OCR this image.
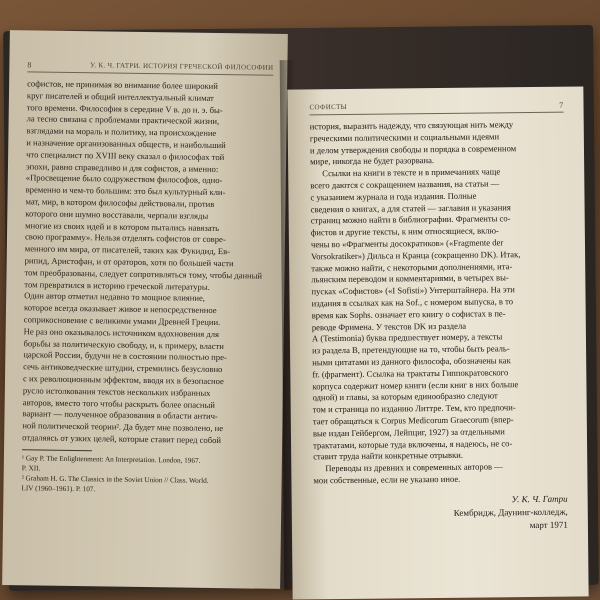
8	У. К. Ч. ГАТРИ. ИСТОРИЯ ГРЕЧЕСКОЙ ФИЛОСОФИИ
софистов, не принимая во внимание более широкий
круг писателей и общий интеллектуальный климат
того времени. Философия в середине V в. до н. э. бы-
ла тесно связана с проблемами практической жизни,
взглядами на мораль и политику, на происхождение
и назначение организованных обществ, и наибольший
что специалист по XVIII веку сказал о философах той
эпохи, равно справедливо и для софистов, а именно:
«Просвещение было содружеством философов, одно-
временно и чем-то большим: это был культурный кли-
мат, мир, в котором философы действовали, против
которого они шумно восставали, черпали взгляды
многие из своих идей и в котором пытались навязать
свою программу». Нельзя отделять софистов от совре-
менного им мира, от писателей, таких как Фукидид, Ев-
рипид, Аристофан, и от ораторов, хотя по большей части
том преобразованы, следует сопротивляться тому, чтобы данный
том превратился в историю греческой литературы.
Один автор отметил недавно то мощное влияние,
которое всегда оказывает живое и непосредственное
соприкосновение с великими умами Древней Греции.
Не раз оно оказывалось источником вдохновения для
борьбы за политическую свободу, и, к примеру, власти
царской России, будучи не в состоянии полностью пре-
сечь антиковедческие штудии, стремились безусловно
с их революционным эффектом, вводя их в безопасное
русло истолкования текстов нескольких избранных
авторов, вместо того чтобы раскрыть более опасный
вариант — полученное образования в области антич-
ной политической теории². Да будет мне позволено, не
отдаляясь от узких целей, которые ставит перед собой
¹ Gay P. The Enlightenment: An Interpretation. London, 1967.
P. XII.
² Graham H. G. The Classics in the Soviet Union // Class. World.
LIV (1960–1961). P. 107.
СОФИСТЫ	7
история, выразить надежду, что связующая нить между
греческими политическими и социальными идеями
и делом утверждения свободы и порядка в современном
мире, никогда не будет разорвана.
Ссылки на книги в тексте и в примечаниях чаще
всего даются с сокращением названия, на статьи —
с указанием журнала и года издания. Полные
сведения о книгах, а для статей — заглавия и указания
страниц можно найти в библиографии. Фрагменты со-
фистов и другие тексты, к ним относящиеся, вклю-
чены во «Фрагменты досократиков» («Fragmente der
Vorsokratiker») Дильса и Кранца (сокращенно DK). Итак,
также можно найти, с некоторыми дополнениями, ита-
льянским переводом и комментариями, в четырех вы-
пусках «Софистов» («I Sofisti») Унтерштайнера. На эти
издания в ссылках как на Sof., с номером выпуска, в то
время как Sophs. означает его книгу о софистах в пе-
реводе Фримена. У текстов DK из раздела
А (Testimonia) буква предшествует номеру, а тексты
из раздела В, претендующие на то, чтобы быть реаль-
ными цитатами из данного философа, обозначены как
fr. (фрагмент). Ссылка на трактаты Гиппократовского
корпуса содержит номер книги (если книг в них больше
одной) и главы, за которым единообразно следуют
том и страница по изданию Литтре. Тем, кто предпочи-
тает обращаться к Corpus Medicorum Graecorum (впер-
вые издан Гейбергом, Лейпциг, 1927) за отдельными
трактатами, которые туда включены, я надеюсь, не со-
ставит труда найти конкретные отрывки.
Переводы из древних и современных авторов —
мои собственные, если не указано иное.
У. К. Ч. Гатри
Кембридж, Даунинг-колледж,
март 1971
